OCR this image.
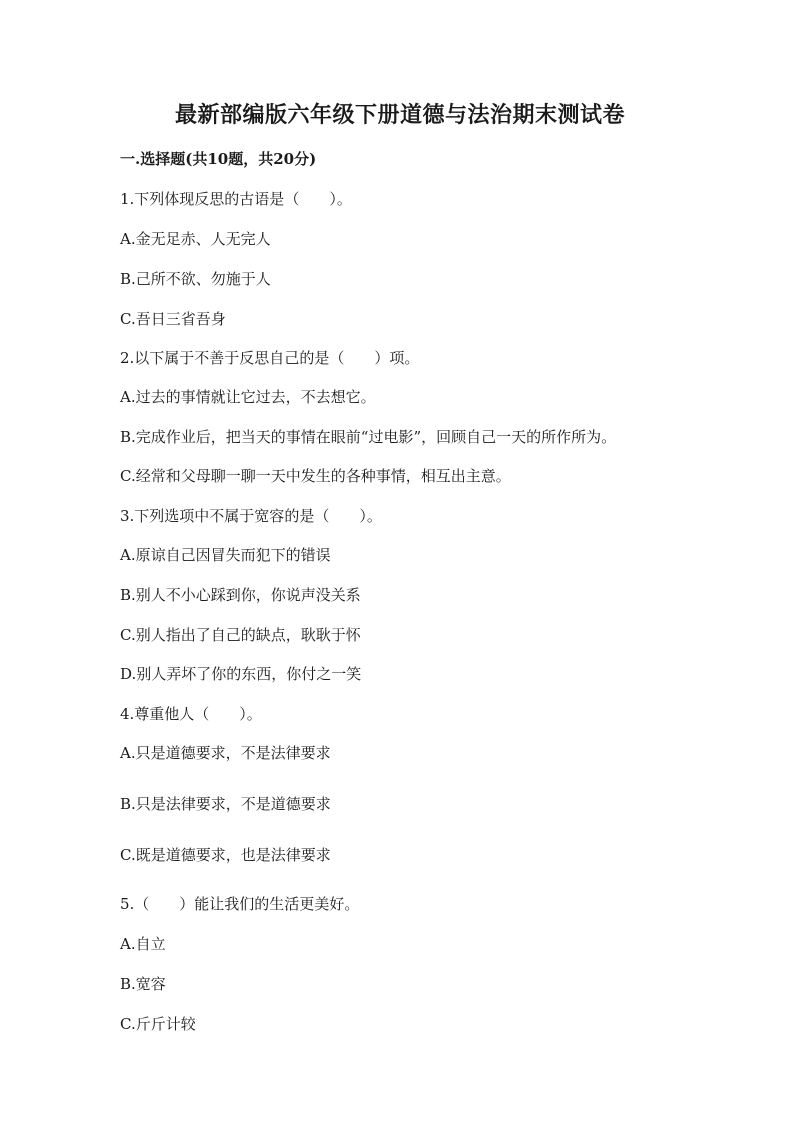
最新部编版六年级下册道德与法治期末测试卷
一.选择题(共10题，共20分)
1.下列体现反思的古语是（　　）。
A.金无足赤、人无完人
B.己所不欲、勿施于人
C.吾日三省吾身
2.以下属于不善于反思自己的是（　　）项。
A.过去的事情就让它过去，不去想它。
B.完成作业后，把当天的事情在眼前“过电影”，回顾自己一天的所作所为。
C.经常和父母聊一聊一天中发生的各种事情，相互出主意。
3.下列选项中不属于宽容的是（　　）。
A.原谅自己因冒失而犯下的错误
B.别人不小心踩到你，你说声没关系
C.别人指出了自己的缺点，耿耿于怀
D.别人弄坏了你的东西，你付之一笑
4.尊重他人（　　）。
A.只是道德要求，不是法律要求
B.只是法律要求，不是道德要求
C.既是道德要求，也是法律要求
5.（　　）能让我们的生活更美好。
A.自立
B.宽容
C.斤斤计较
